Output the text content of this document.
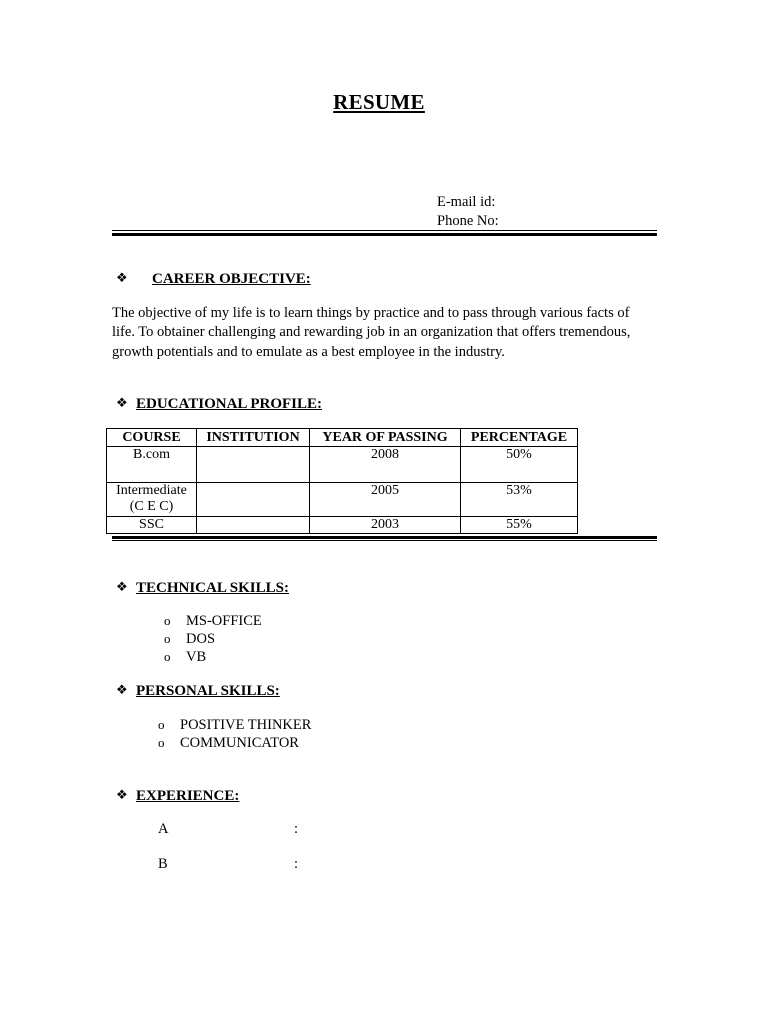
RESUME
E-mail id:
Phone No:
❖ CAREER OBJECTIVE:
The objective of my life is to learn things by practice and to pass through various facts of
life. To obtainer challenging and rewarding job in an organization that offers tremendous,
growth potentials and to emulate as a best employee in the industry.
❖ EDUCATIONAL PROFILE:
COURSE	INSTITUTION	YEAR OF PASSING	PERCENTAGE
B.com		2008	50%
Intermediate
(C E C)		2005	53%
SSC		2003	55%
❖ TECHNICAL SKILLS:
o MS-OFFICE
o DOS
o VB
❖ PERSONAL SKILLS:
o POSITIVE THINKER
o COMMUNICATOR
❖ EXPERIENCE:
A	:
B	:
